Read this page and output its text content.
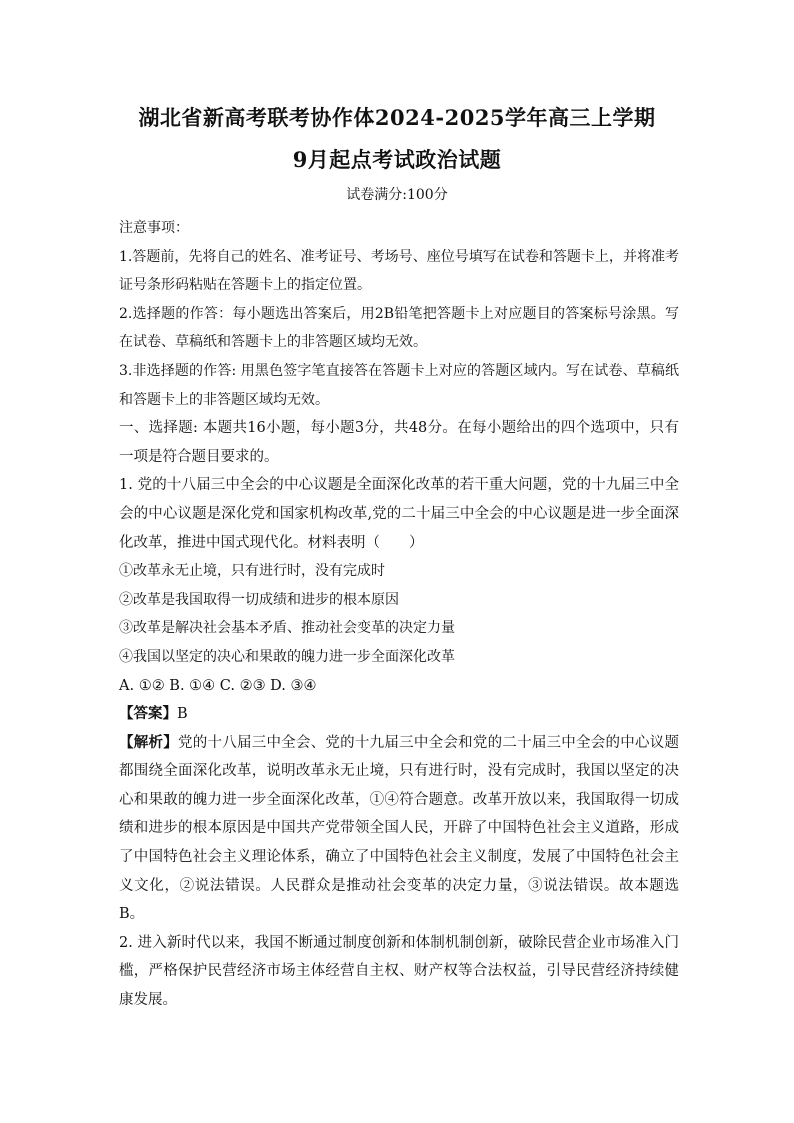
湖北省新高考联考协作体2024-2025学年高三上学期
9月起点考试政治试题
试卷满分:100分

注意事项：

1.答题前，先将自己的姓名、准考证号、考场号、座位号填写在试卷和答题卡上，并将准考证号条形码粘贴在答题卡上的指定位置。

2.选择题的作答：每小题选出答案后，用2B铅笔把答题卡上对应题目的答案标号涂黑。写在试卷、草稿纸和答题卡上的非答题区域均无效。

3.非选择题的作答: 用黑色签字笔直接答在答题卡上对应的答题区域内。写在试卷、草稿纸和答题卡上的非答题区域均无效。

一、选择题: 本题共16小题，每小题3分，共48分。在每小题给出的四个选项中，只有一项是符合题目要求的。

1. 党的十八届三中全会的中心议题是全面深化改革的若干重大问题，党的十九届三中全会的中心议题是深化党和国家机构改革,党的二十届三中全会的中心议题是进一步全面深化改革，推进中国式现代化。材料表明（　　）

①改革永无止境，只有进行时，没有完成时

②改革是我国取得一切成绩和进步的根本原因

③改革是解决社会基本矛盾、推动社会变革的决定力量

④我国以坚定的决心和果敢的魄力进一步全面深化改革

A. ①② B. ①④ C. ②③ D. ③④

【答案】B

【解析】党的十八届三中全会、党的十九届三中全会和党的二十届三中全会的中心议题都围绕全面深化改革，说明改革永无止境，只有进行时，没有完成时，我国以坚定的决心和果敢的魄力进一步全面深化改革，①④符合题意。改革开放以来，我国取得一切成绩和进步的根本原因是中国共产党带领全国人民，开辟了中国特色社会主义道路，形成了中国特色社会主义理论体系，确立了中国特色社会主义制度，发展了中国特色社会主义文化，②说法错误。人民群众是推动社会变革的决定力量，③说法错误。故本题选B。

2. 进入新时代以来，我国不断通过制度创新和体制机制创新，破除民营企业市场准入门槛，严格保护民营经济市场主体经营自主权、财产权等合法权益，引导民营经济持续健康发展。
